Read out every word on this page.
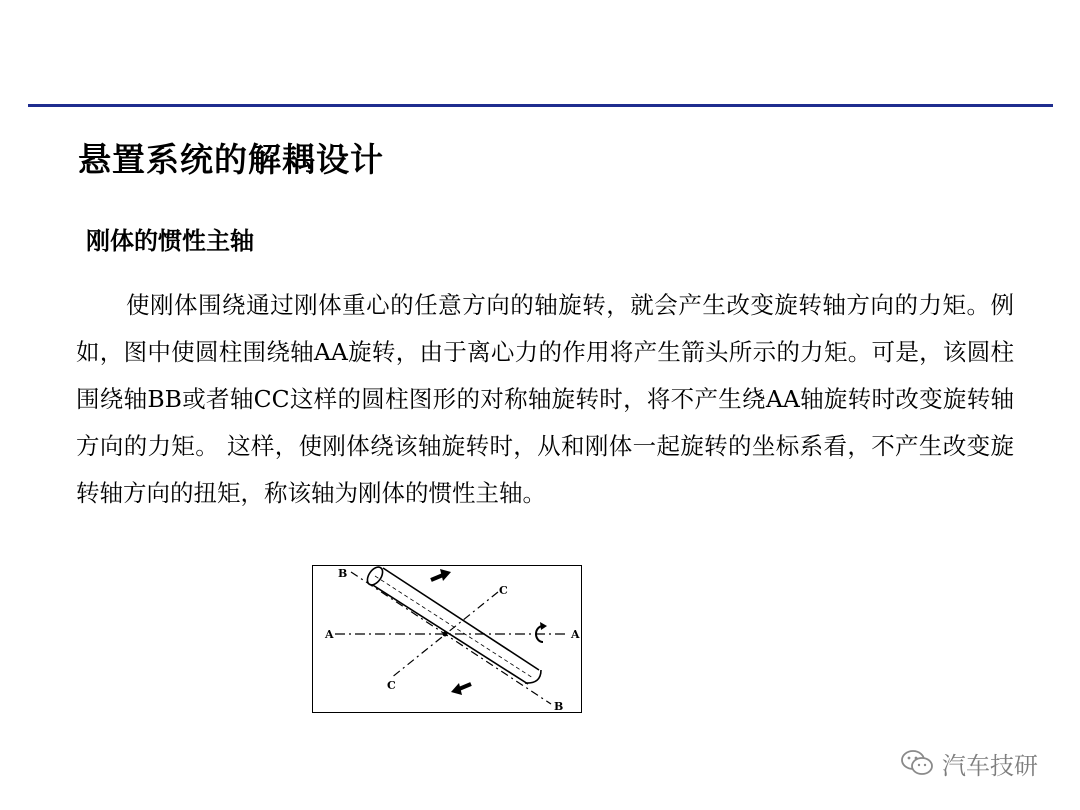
悬置系统的解耦设计
刚体的惯性主轴

使刚体围绕通过刚体重心的任意方向的轴旋转，就会产生改变旋转轴方向的力矩。例如，图中使圆柱围绕轴AA旋转，由于离心力的作用将产生箭头所示的力矩。可是，该圆柱围绕轴BB或者轴CC这样的圆柱图形的对称轴旋转时，将不产生绕AA轴旋转时改变旋转轴方向的力矩。 这样，使刚体绕该轴旋转时，从和刚体一起旋转的坐标系看，不产生改变旋转轴方向的扭矩，称该轴为刚体的惯性主轴。

A	A
B
B
C
C
汽车技研
